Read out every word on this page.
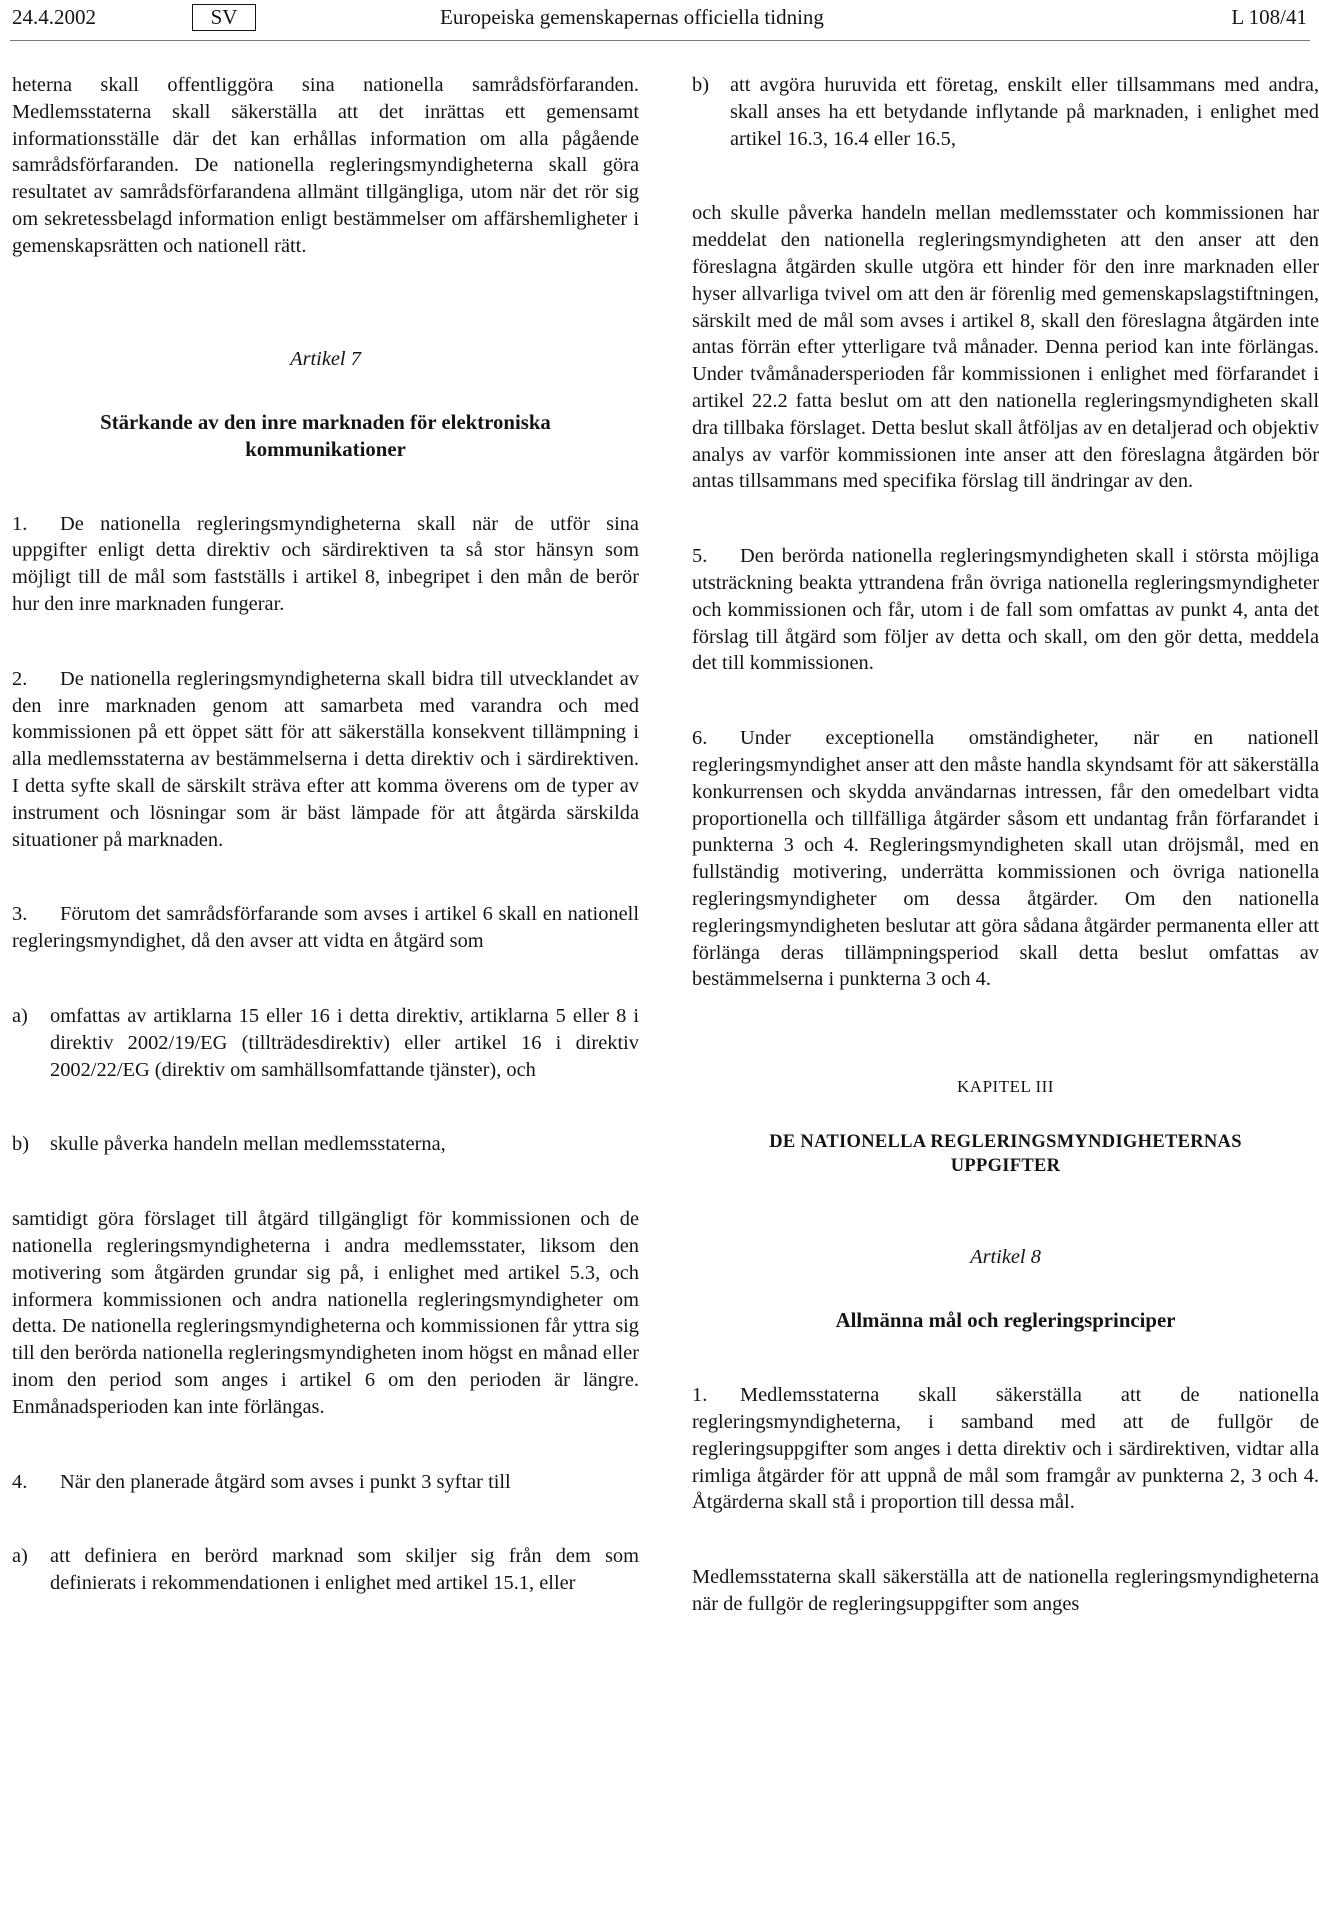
24.4.2002	SV	Europeiska gemenskapernas officiella tidning	L 108/41

heterna skall offentliggöra sina nationella samrådsförfaranden. Medlemsstaterna skall säkerställa att det inrättas ett gemensamt informationsställe där det kan erhållas information om alla pågående samrådsförfaranden. De nationella regleringsmyndigheterna skall göra resultatet av samrådsförfarandena allmänt tillgängliga, utom när det rör sig om sekretessbelagd information enligt bestämmelser om affärshemligheter i gemenskapsrätten och nationell rätt.

Artikel 7

Stärkande av den inre marknaden för elektroniska kommunikationer

1. De nationella regleringsmyndigheterna skall när de utför sina uppgifter enligt detta direktiv och särdirektiven ta så stor hänsyn som möjligt till de mål som fastställs i artikel 8, inbegripet i den mån de berör hur den inre marknaden fungerar.

2. De nationella regleringsmyndigheterna skall bidra till utvecklandet av den inre marknaden genom att samarbeta med varandra och med kommissionen på ett öppet sätt för att säkerställa konsekvent tillämpning i alla medlemsstaterna av bestämmelserna i detta direktiv och i särdirektiven. I detta syfte skall de särskilt sträva efter att komma överens om de typer av instrument och lösningar som är bäst lämpade för att åtgärda särskilda situationer på marknaden.

3. Förutom det samrådsförfarande som avses i artikel 6 skall en nationell regleringsmyndighet, då den avser att vidta en åtgärd som

a)	omfattas av artiklarna 15 eller 16 i detta direktiv, artiklarna 5 eller 8 i direktiv 2002/19/EG (tillträdesdirektiv) eller artikel 16 i direktiv 2002/22/EG (direktiv om samhällsomfattande tjänster), och
b)	skulle påverka handeln mellan medlemsstaterna,

samtidigt göra förslaget till åtgärd tillgängligt för kommissionen och de nationella regleringsmyndigheterna i andra medlemsstater, liksom den motivering som åtgärden grundar sig på, i enlighet med artikel 5.3, och informera kommissionen och andra nationella regleringsmyndigheter om detta. De nationella regleringsmyndigheterna och kommissionen får yttra sig till den berörda nationella regleringsmyndigheten inom högst en månad eller inom den period som anges i artikel 6 om den perioden är längre. Enmånadsperioden kan inte förlängas.

4. När den planerade åtgärd som avses i punkt 3 syftar till

a)	att definiera en berörd marknad som skiljer sig från dem som definierats i rekommendationen i enlighet med artikel 15.1, eller
b)	att avgöra huruvida ett företag, enskilt eller tillsammans med andra, skall anses ha ett betydande inflytande på marknaden, i enlighet med artikel 16.3, 16.4 eller 16.5,

och skulle påverka handeln mellan medlemsstater och kommissionen har meddelat den nationella regleringsmyndigheten att den anser att den föreslagna åtgärden skulle utgöra ett hinder för den inre marknaden eller hyser allvarliga tvivel om att den är förenlig med gemenskapslagstiftningen, särskilt med de mål som avses i artikel 8, skall den föreslagna åtgärden inte antas förrän efter ytterligare två månader. Denna period kan inte förlängas. Under tvåmånadersperioden får kommissionen i enlighet med förfarandet i artikel 22.2 fatta beslut om att den nationella regleringsmyndigheten skall dra tillbaka förslaget. Detta beslut skall åtföljas av en detaljerad och objektiv analys av varför kommissionen inte anser att den föreslagna åtgärden bör antas tillsammans med specifika förslag till ändringar av den.

5. Den berörda nationella regleringsmyndigheten skall i största möjliga utsträckning beakta yttrandena från övriga nationella regleringsmyndigheter och kommissionen och får, utom i de fall som omfattas av punkt 4, anta det förslag till åtgärd som följer av detta och skall, om den gör detta, meddela det till kommissionen.

6. Under exceptionella omständigheter, när en nationell regleringsmyndighet anser att den måste handla skyndsamt för att säkerställa konkurrensen och skydda användarnas intressen, får den omedelbart vidta proportionella och tillfälliga åtgärder såsom ett undantag från förfarandet i punkterna 3 och 4. Regleringsmyndigheten skall utan dröjsmål, med en fullständig motivering, underrätta kommissionen och övriga nationella regleringsmyndigheter om dessa åtgärder. Om den nationella regleringsmyndigheten beslutar att göra sådana åtgärder permanenta eller att förlänga deras tillämpningsperiod skall detta beslut omfattas av bestämmelserna i punkterna 3 och 4.

KAPITEL III

DE NATIONELLA REGLERINGSMYNDIGHETERNAS UPPGIFTER

Artikel 8

Allmänna mål och regleringsprinciper

1. Medlemsstaterna skall säkerställa att de nationella regleringsmyndigheterna, i samband med att de fullgör de regleringsuppgifter som anges i detta direktiv och i särdirektiven, vidtar alla rimliga åtgärder för att uppnå de mål som framgår av punkterna 2, 3 och 4. Åtgärderna skall stå i proportion till dessa mål.

Medlemsstaterna skall säkerställa att de nationella regleringsmyndigheterna när de fullgör de regleringsuppgifter som anges
